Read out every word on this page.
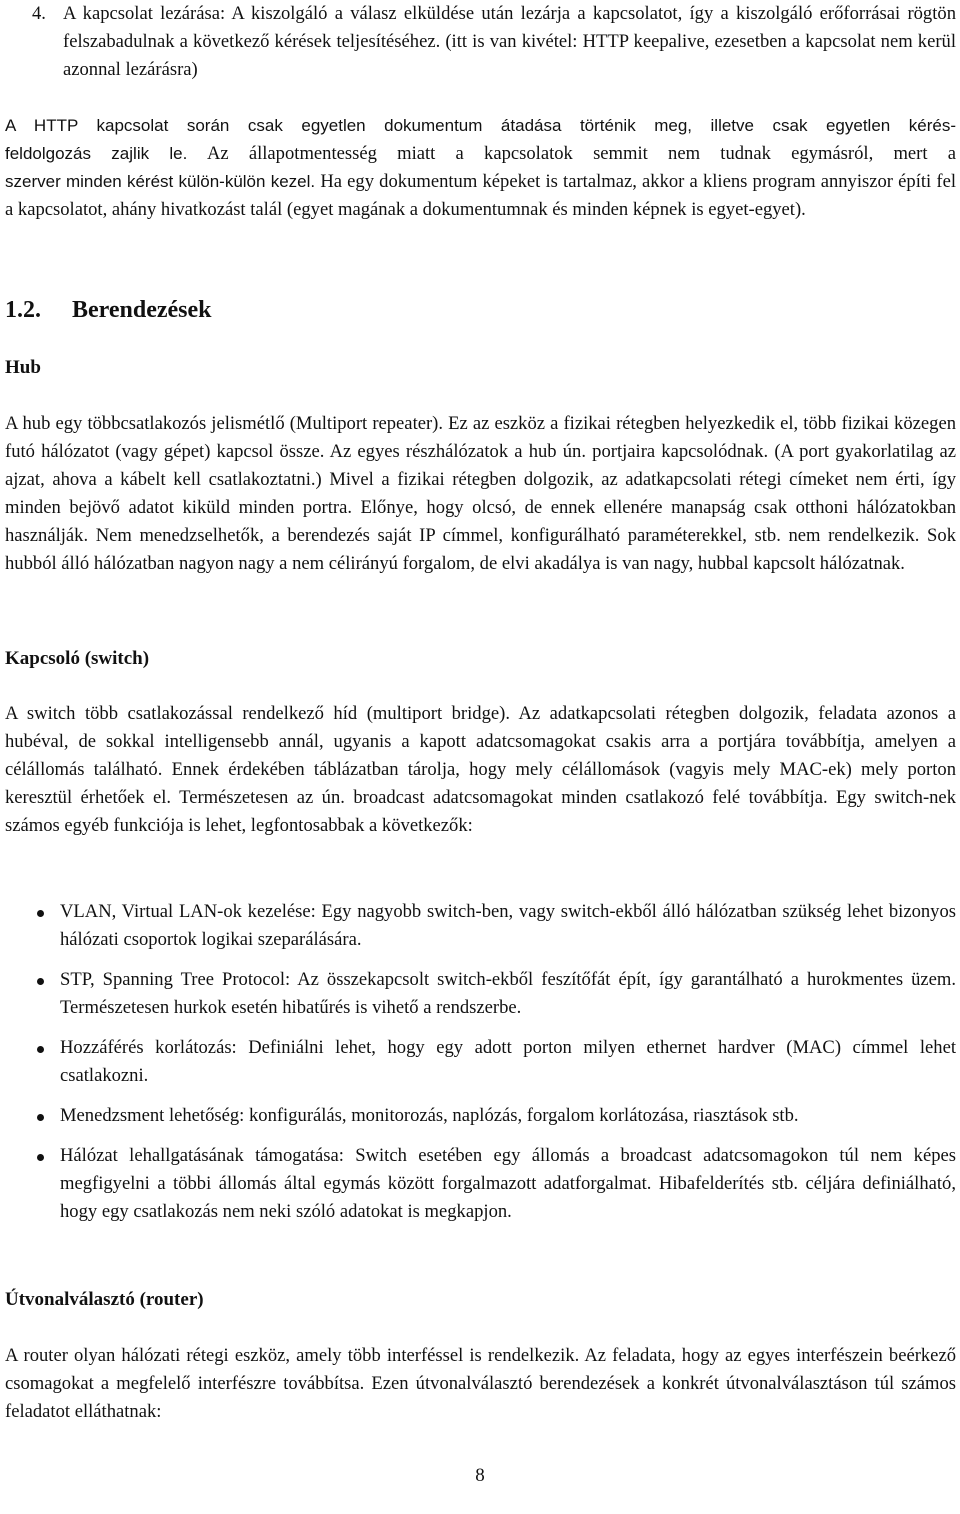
4. A kapcsolat lezárása: A kiszolgáló a válasz elküldése után lezárja a kapcsolatot, így a kiszolgáló erőforrásai rögtön felszabadulnak a következő kérések teljesítéséhez. (itt is van kivétel: HTTP keepalive, ezesetben a kapcsolat nem kerül azonnal lezárásra)
A HTTP kapcsolat során csak egyetlen dokumentum átadása történik meg, illetve csak egyetlen kérés-
feldolgozás zajlik le. Az állapotmentesség miatt a kapcsolatok semmit nem tudnak egymásról, mert a
szerver minden kérést külön-külön kezel. Ha egy dokumentum képeket is tartalmaz, akkor a kliens program annyiszor építi fel a kapcsolatot, ahány hivatkozást talál (egyet magának a dokumentumnak és minden képnek is egyet-egyet).
1.2. Berendezések
Hub
A hub egy többcsatlakozós jelismétlő (Multiport repeater). Ez az eszköz a fizikai rétegben helyezkedik el, több fizikai közegen futó hálózatot (vagy gépet) kapcsol össze. Az egyes részhálózatok a hub ún. portjaira kapcsolódnak. (A port gyakorlatilag az ajzat, ahova a kábelt kell csatlakoztatni.) Mivel a fizikai rétegben dolgozik, az adatkapcsolati rétegi címeket nem érti, így minden bejövő adatot kiküld minden portra. Előnye, hogy olcsó, de ennek ellenére manapság csak otthoni hálózatokban használják. Nem menedzselhetők, a berendezés saját IP címmel, konfigurálható paraméterekkel, stb. nem rendelkezik. Sok hubból álló hálózatban nagyon nagy a nem célirányú forgalom, de elvi akadálya is van nagy, hubbal kapcsolt hálózatnak.
Kapcsoló (switch)
A switch több csatlakozással rendelkező híd (multiport bridge). Az adatkapcsolati rétegben dolgozik, feladata azonos a hubéval, de sokkal intelligensebb annál, ugyanis a kapott adatcsomagokat csakis arra a portjára továbbítja, amelyen a célállomás található. Ennek érdekében táblázatban tárolja, hogy mely célállomások (vagyis mely MAC-ek) mely porton keresztül érhetőek el. Természetesen az ún. broadcast adatcsomagokat minden csatlakozó felé továbbítja. Egy switch-nek számos egyéb funkciója is lehet, legfontosabbak a következők:
VLAN, Virtual LAN-ok kezelése: Egy nagyobb switch-ben, vagy switch-ekből álló hálózatban szükség lehet bizonyos hálózati csoportok logikai szeparálására.
STP, Spanning Tree Protocol: Az összekapcsolt switch-ekből feszítőfát épít, így garantálható a hurokmentes üzem. Természetesen hurkok esetén hibatűrés is vihető a rendszerbe.
Hozzáférés korlátozás: Definiálni lehet, hogy egy adott porton milyen ethernet hardver (MAC) címmel lehet csatlakozni.
Menedzsment lehetőség: konfigurálás, monitorozás, naplózás, forgalom korlátozása, riasztások stb.
Hálózat lehallgatásának támogatása: Switch esetében egy állomás a broadcast adatcsomagokon túl nem képes megfigyelni a többi állomás által egymás között forgalmazott adatforgalmat. Hibafelderítés stb. céljára definiálható, hogy egy csatlakozás nem neki szóló adatokat is megkapjon.
Útvonalválasztó (router)
A router olyan hálózati rétegi eszköz, amely több interféssel is rendelkezik. Az feladata, hogy az egyes interfészein beérkező csomagokat a megfelelő interfészre továbbítsa. Ezen útvonalválasztó berendezések a konkrét útvonalválasztáson túl számos feladatot elláthatnak:
8
